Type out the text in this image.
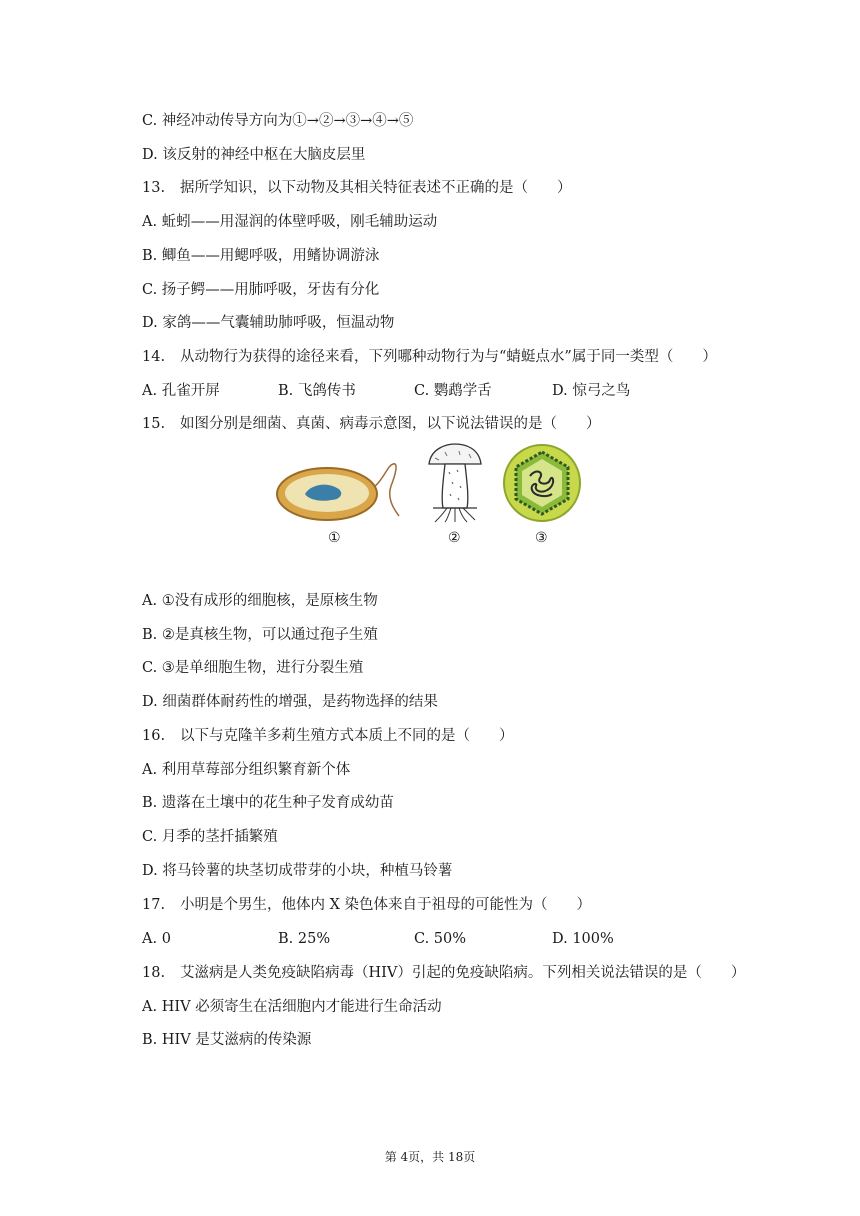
C. 神经冲动传导方向为①→②→③→④→⑤
D. 该反射的神经中枢在大脑皮层里
13. 据所学知识，以下动物及其相关特征表述不正确的是（　　）
A. 蚯蚓——用湿润的体壁呼吸，刚毛辅助运动
B. 鲫鱼——用鳃呼吸，用鳍协调游泳
C. 扬子鳄——用肺呼吸，牙齿有分化
D. 家鸽——气囊辅助肺呼吸，恒温动物
14. 从动物行为获得的途径来看，下列哪种动物行为与“蜻蜓点水”属于同一类型（　　）
A. 孔雀开屏	B. 飞鸽传书	C. 鹦鹉学舌	D. 惊弓之鸟
15. 如图分别是细菌、真菌、病毒示意图，以下说法错误的是（　　）
①	②	③
A. ①没有成形的细胞核，是原核生物
B. ②是真核生物，可以通过孢子生殖
C. ③是单细胞生物，进行分裂生殖
D. 细菌群体耐药性的增强，是药物选择的结果
16. 以下与克隆羊多莉生殖方式本质上不同的是（　　）
A. 利用草莓部分组织繁育新个体
B. 遗落在土壤中的花生种子发育成幼苗
C. 月季的茎扦插繁殖
D. 将马铃薯的块茎切成带芽的小块，种植马铃薯
17. 小明是个男生，他体内 X 染色体来自于祖母的可能性为（　　）
A. 0	B. 25%	C. 50%	D. 100%
18. 艾滋病是人类免疫缺陷病毒（HIV）引起的免疫缺陷病。下列相关说法错误的是（　　）
A. HIV 必须寄生在活细胞内才能进行生命活动
B. HIV 是艾滋病的传染源
第 4页，共 18页
